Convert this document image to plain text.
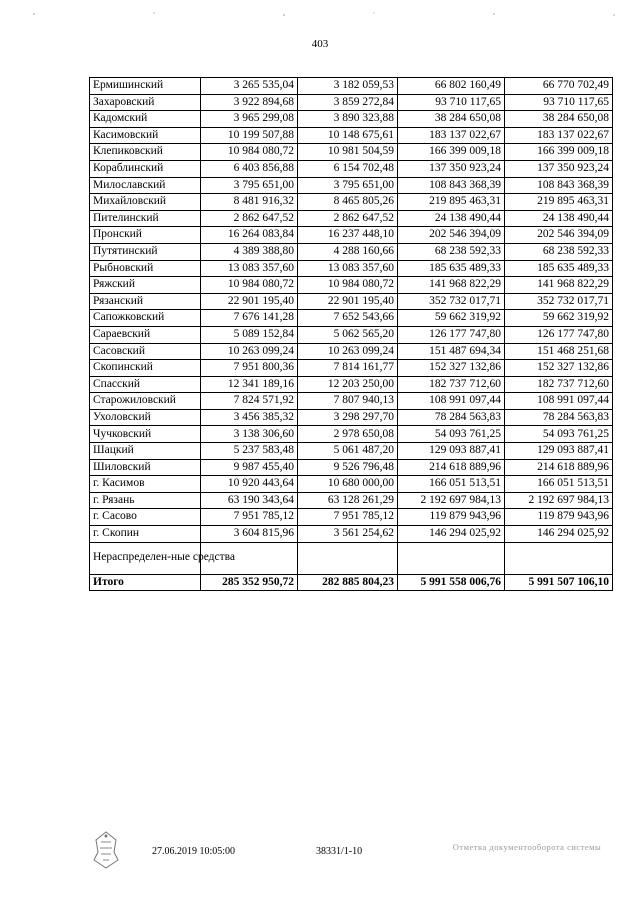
403
Ермишинский	3 265 535,04	3 182 059,53	66 802 160,49	66 770 702,49
Захаровский	3 922 894,68	3 859 272,84	93 710 117,65	93 710 117,65
Кадомский	3 965 299,08	3 890 323,88	38 284 650,08	38 284 650,08
Касимовский	10 199 507,88	10 148 675,61	183 137 022,67	183 137 022,67
Клепиковский	10 984 080,72	10 981 504,59	166 399 009,18	166 399 009,18
Кораблинский	6 403 856,88	6 154 702,48	137 350 923,24	137 350 923,24
Милославский	3 795 651,00	3 795 651,00	108 843 368,39	108 843 368,39
Михайловский	8 481 916,32	8 465 805,26	219 895 463,31	219 895 463,31
Пителинский	2 862 647,52	2 862 647,52	24 138 490,44	24 138 490,44
Пронский	16 264 083,84	16 237 448,10	202 546 394,09	202 546 394,09
Путятинский	4 389 388,80	4 288 160,66	68 238 592,33	68 238 592,33
Рыбновский	13 083 357,60	13 083 357,60	185 635 489,33	185 635 489,33
Ряжский	10 984 080,72	10 984 080,72	141 968 822,29	141 968 822,29
Рязанский	22 901 195,40	22 901 195,40	352 732 017,71	352 732 017,71
Сапожковский	7 676 141,28	7 652 543,66	59 662 319,92	59 662 319,92
Сараевский	5 089 152,84	5 062 565,20	126 177 747,80	126 177 747,80
Сасовский	10 263 099,24	10 263 099,24	151 487 694,34	151 468 251,68
Скопинский	7 951 800,36	7 814 161,77	152 327 132,86	152 327 132,86
Спасский	12 341 189,16	12 203 250,00	182 737 712,60	182 737 712,60
Старожиловский	7 824 571,92	7 807 940,13	108 991 097,44	108 991 097,44
Ухоловский	3 456 385,32	3 298 297,70	78 284 563,83	78 284 563,83
Чучковский	3 138 306,60	2 978 650,08	54 093 761,25	54 093 761,25
Шацкий	5 237 583,48	5 061 487,20	129 093 887,41	129 093 887,41
Шиловский	9 987 455,40	9 526 796,48	214 618 889,96	214 618 889,96
г. Касимов	10 920 443,64	10 680 000,00	166 051 513,51	166 051 513,51
г. Рязань	63 190 343,64	63 128 261,29	2 192 697 984,13	2 192 697 984,13
г. Сасово	7 951 785,12	7 951 785,12	119 879 943,96	119 879 943,96
г. Скопин	3 604 815,96	3 561 254,62	146 294 025,92	146 294 025,92
Нераспределен-ные средства				
Итого	285 352 950,72	282 885 804,23	5 991 558 006,76	5 991 507 106,10
27.06.2019 10:05:00	38331/1-10	Отметка документооборота системы
